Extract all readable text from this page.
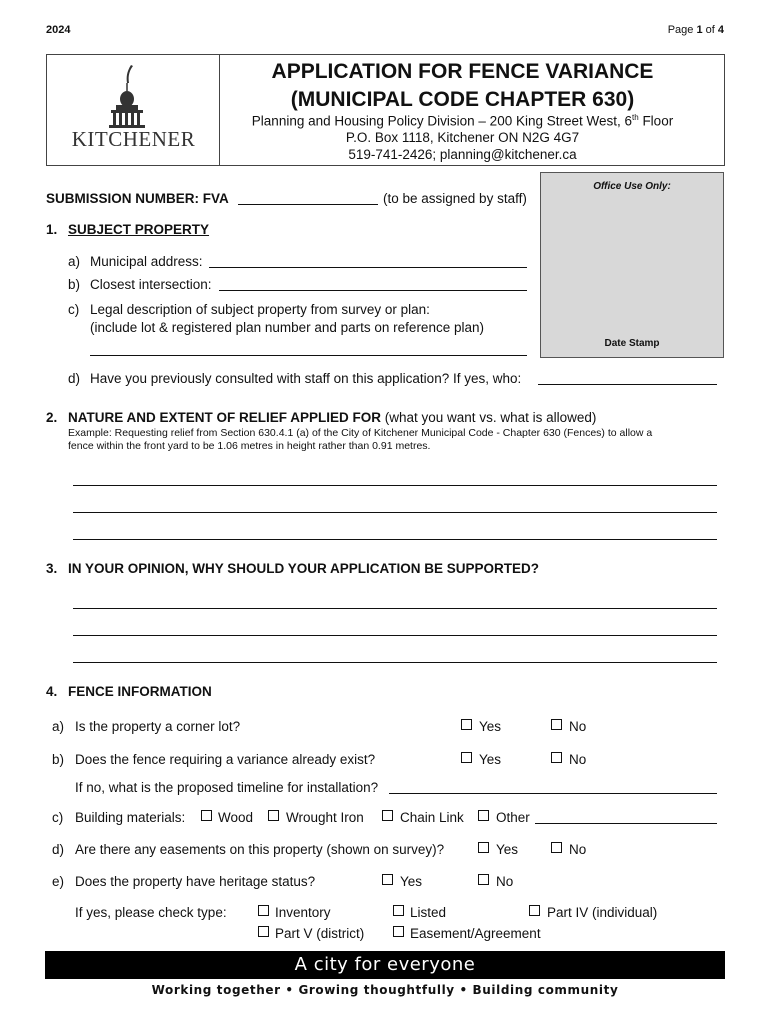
2024	Page 1 of 4
KITCHENER
APPLICATION FOR FENCE VARIANCE
(MUNICIPAL CODE CHAPTER 630)
Planning and Housing Policy Division – 200 King Street West, 6th Floor
P.O. Box 1118, Kitchener ON N2G 4G7
519-741-2426; planning@kitchener.ca
Office Use Only:
Date Stamp
SUBMISSION NUMBER: FVA	(to be assigned by staff)
1. SUBJECT PROPERTY
a) Municipal address:
b) Closest intersection:
c) Legal description of subject property from survey or plan:
(include lot & registered plan number and parts on reference plan)
d) Have you previously consulted with staff on this application? If yes, who:
2. NATURE AND EXTENT OF RELIEF APPLIED FOR (what you want vs. what is allowed)
Example: Requesting relief from Section 630.4.1 (a) of the City of Kitchener Municipal Code - Chapter 630 (Fences) to allow a
fence within the front yard to be 1.06 metres in height rather than 0.91 metres.
3. IN YOUR OPINION, WHY SHOULD YOUR APPLICATION BE SUPPORTED?
4. FENCE INFORMATION
a) Is the property a corner lot?	Yes	No
b) Does the fence requiring a variance already exist?	Yes	No
If no, what is the proposed timeline for installation?
c) Building materials: Wood Wrought Iron	Chain Link Other
d) Are there any easements on this property (shown on survey)?	Yes	No
e) Does the property have heritage status?	Yes	No
If yes, please check type:	Inventory	Listed	Part IV (individual)
Part V (district)	Easement/Agreement
A city for everyone
Working together • Growing thoughtfully • Building community
